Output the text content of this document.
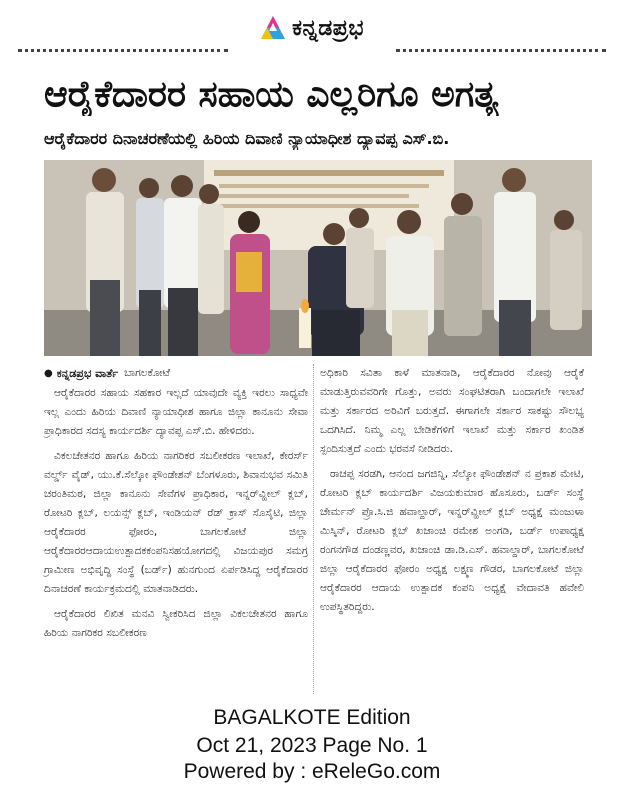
ಕನ್ನಡಪ್ರಭ
ಆರೈಕೆದಾರರ ಸಹಾಯ ಎಲ್ಲರಿಗೂ ಅಗತ್ಯ
ಆರೈಕೆದಾರರ ದಿನಾಚರಣೆಯಲ್ಲಿ ಹಿರಿಯ ದಿವಾಣಿ ನ್ಯಾಯಾಧೀಶ ದ್ಯಾವಪ್ಪ ಎಸ್.ಬಿ.
● ಕನ್ನಡಪ್ರಭ ವಾರ್ತೆ ಬಾಗಲಕೋಟೆ

ಆರೈಕೆದಾರರ ಸಹಾಯ ಸಹಕಾರ ಇಲ್ಲದೆ ಯಾವುದೇ ವ್ಯಕ್ತಿ ಇರಲು ಸಾಧ್ಯವೇ ಇಲ್ಲ ಎಂದು ಹಿರಿಯ ದಿವಾಣಿ ನ್ಯಾಯಾಧೀಶ ಹಾಗೂ ಜಿಲ್ಲಾ ಕಾನೂನು ಸೇವಾ ಪ್ರಾಧಿಕಾರದ ಸದಸ್ಯ ಕಾರ್ಯದರ್ಶಿ ದ್ಯಾವಪ್ಪ ಎಸ್.ಬಿ. ಹೇಳಿದರು.

ವಿಕಲಚೇತನರ ಹಾಗೂ ಹಿರಿಯ ನಾಗರಿಕರ ಸಬಲೀಕರಣ ಇಲಾಖೆ, ಕೇರರ್ಸ್ ವರ್ಲ್ಡ್ ವೈಡ್, ಯು.ಕೆ.ಸೆಲ್ಕೋ ಫೌಂಡೇಶನ್ ಬೆಂಗಳೂರು, ಶಿವಾನುಭವ ಸಮಿತಿ ಚರಂತಿಮಠ, ಜಿಲ್ಲಾ ಕಾನೂನು ಸೇವೆಗಳ ಪ್ರಾಧಿಕಾರ, ಇನ್ನರ್‌ವ್ಹೀಲ್ ಕ್ಲಬ್, ರೋಟರಿ ಕ್ಲಬ್, ಲಯನ್ಸ್ ಕ್ಲಬ್, ಇಂಡಿಯನ್ ರೆಡ್ ಕ್ರಾಸ್ ಸೊಸೈಟಿ, ಜಿಲ್ಲಾ ಆರೈಕೆದಾರರ ಫೋರಂ, ಬಾಗಲಕೋಟೆ ಜಿಲ್ಲಾ ಆರೈಕೆದಾರರಆದಾಯಉತ್ಪಾದಕಕಂಪನಿಸಹಯೋಗದಲ್ಲಿ ವಿಜಯಪುರ ಸಮಗ್ರ ಗ್ರಾಮೀಣ ಅಭಿವೃದ್ಧಿ ಸಂಸ್ಥೆ (ಬರ್ಡ್) ಹುನಗುಂದ ಏರ್ಪಡಿಸಿದ್ದ ಆರೈಕೆದಾರರ ದಿನಾಚರಣೆ ಕಾರ್ಯಕ್ರಮದಲ್ಲಿ ಮಾತನಾಡಿದರು.

ಆರೈಕೆದಾರರ ಲಿಖಿತ ಮನವಿ ಸ್ವೀಕರಿಸಿದ ಜಿಲ್ಲಾ ವಿಕಲಚೇತನರ ಹಾಗೂ ಹಿರಿಯ ನಾಗರಿಕರ ಸಬಲೀಕರಣ

ಅಧಿಕಾರಿ ಸವಿತಾ ಕಾಳೆ ಮಾತನಾಡಿ, ಆರೈಕೆದಾರರ ನೋವು ಆರೈಕೆ ಮಾಡುತ್ತಿರುವವರಿಗೇ ಗೊತ್ತು, ಅವರು ಸಂಘಟಿತರಾಗಿ ಬಂದಾಗಲೇ ಇಲಾಖೆ ಮತ್ತು ಸರ್ಕಾರದ ಅರಿವಿಗೆ ಬರುತ್ತದೆ. ಈಗಾಗಲೇ ಸರ್ಕಾರ ಸಾಕಷ್ಟು ಸೌಲಭ್ಯ ಒದಗಿಸಿದೆ. ನಿಮ್ಮ ಎಲ್ಲ ಬೇಡಿಕೆಗಳಿಗೆ ಇಲಾಖೆ ಮತ್ತು ಸರ್ಕಾರ ಖಂಡಿತ ಸ್ಪಂದಿಸುತ್ತದೆ ಎಂದು ಭರವಸೆ ನೀಡಿದರು.

ರಾಚಪ್ಪ ಸರಡಗಿ, ಆನಂದ ಜಗಜಿನ್ನಿ, ಸೆಲ್ಕೋ ಫೌಂಡೇಶನ್ ನ ಪ್ರಕಾಶ ಮೇಟಿ, ರೋಟರಿ ಕ್ಲಬ್ ಕಾರ್ಯದರ್ಶಿ ವಿಜಯಕುಮಾರ ಹೊಸೂರು, ಬರ್ಡ್ ಸಂಸ್ಥೆ ಚೇರ್ಮನ್ ಪ್ರೊ.ಸಿ.ಜಿ ಹವಾಲ್ದಾರ್, ಇನ್ನರ್‌ವ್ಹೀಲ್ ಕ್ಲಬ್ ಅಧ್ಯಕ್ಷೆ ಮಂಜುಳಾ ಮಿಸ್ಕಿನ್, ರೋಟರಿ ಕ್ಲಬ್ ಖಜಾಂಚಿ ರಮೇಶ ಅಂಗಡಿ, ಬರ್ಡ್ ಉಪಾಧ್ಯಕ್ಷ ರಂಗನಗೌಡ ದಂಡಣ್ಣವರ, ಖಜಾಂಚಿ ಡಾ.ಡಿ.ಎಸ್. ಹವಾಲ್ದಾರ್, ಬಾಗಲಕೋಟೆ ಜಿಲ್ಲಾ ಆರೈಕೆದಾರರ ಫೋರಂ ಅಧ್ಯಕ್ಷ ಲಕ್ಷ್ಮಣ ಗೌಡರ, ಬಾಗಲಕೋಟೆ ಜಿಲ್ಲಾ ಆರೈಕೆದಾರರ ಆದಾಯ ಉತ್ಪಾದಕ ಕಂಪನಿ ಅಧ್ಯಕ್ಷೆ ವೇದಾವತಿ ಹವೇಲಿ ಉಪಸ್ಥಿತರಿದ್ದರು.

BAGALKOTE Edition
Oct 21, 2023 Page No. 1
Powered by : eReleGo.com
